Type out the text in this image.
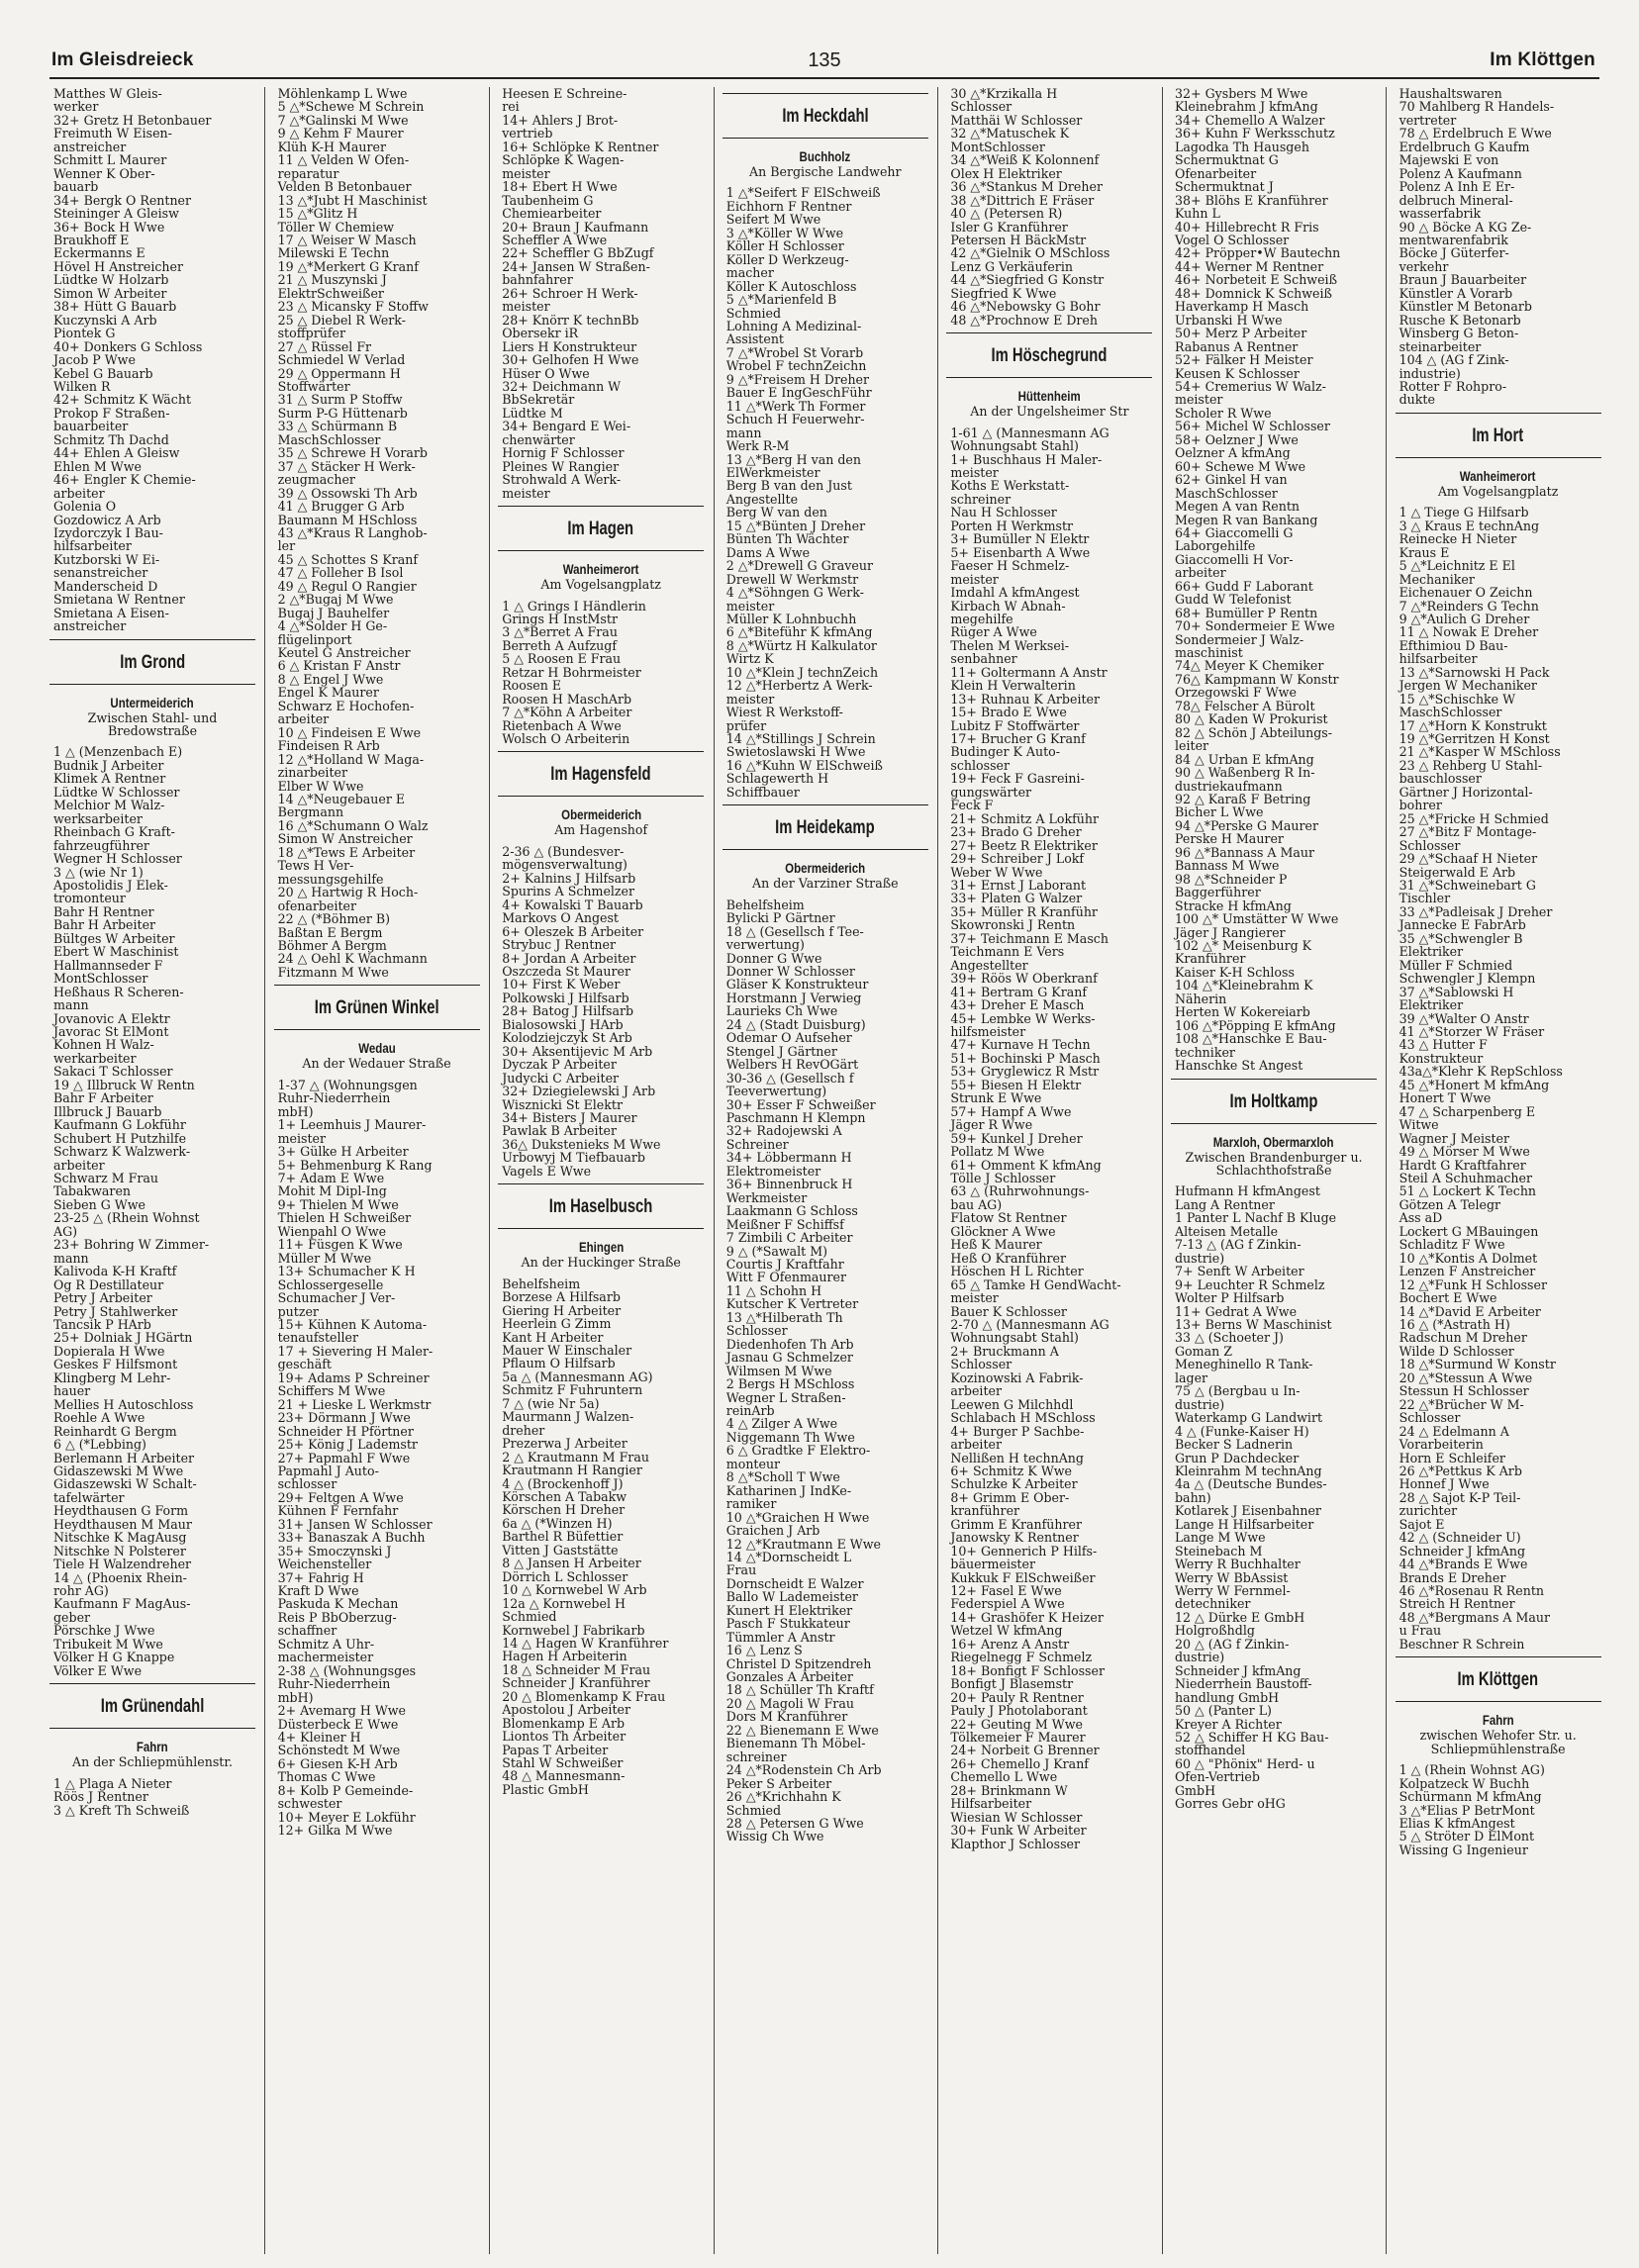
Im Gleisdreieck	135	Im Klöttgen
Matthes W Gleis-
werker
32+ Gretz H Betonbauer
Freimuth W Eisen-
anstreicher
Schmitt L Maurer
Wenner K Ober-
bauarb
34+ Bergk O Rentner
Steininger A Gleisw
36+ Bock H Wwe
Braukhoff E
Eckermanns E
Hövel H Anstreicher
Lüdtke W Holzarb
Simon W Arbeiter
38+ Hütt G Bauarb
Kuczynski A Arb
Piontek G
40+ Donkers G Schloss
Jacob P Wwe
Kebel G Bauarb
Wilken R
42+ Schmitz K Wächt
Prokop F Straßen-
bauarbeiter
Schmitz Th Dachd
44+ Ehlen A Gleisw
Ehlen M Wwe
46+ Engler K Chemie-
arbeiter
Golenia O
Gozdowicz A Arb
Izydorczyk I Bau-
hilfsarbeiter
Kutzborski W Ei-
senanstreicher
Manderscheid D
Smietana W Rentner
Smietana A Eisen-
anstreicher
Im Grond
Untermeiderich
Zwischen Stahl- und
Bredowstraße
1 △ (Menzenbach E)
Budnik J Arbeiter
Klimek A Rentner
Lüdtke W Schlosser
Melchior M Walz-
werksarbeiter
Rheinbach G Kraft-
fahrzeugführer
Wegner H Schlosser
3 △ (wie Nr 1)
Apostolidis J Elek-
tromonteur
Bahr H Rentner
Bahr H Arbeiter
Bültges W Arbeiter
Ebert W Maschinist
Hallmannseder F
MontSchlosser
Heßhaus R Scheren-
mann
Jovanovic A Elektr
Javorac St ElMont
Kohnen H Walz-
werkarbeiter
Sakaci T Schlosser
19 △ Illbruck W Rentn
Bahr F Arbeiter
Illbruck J Bauarb
Kaufmann G Lokführ
Schubert H Putzhilfe
Schwarz K Walzwerk-
arbeiter
Schwarz M Frau
Tabakwaren
Sieben G Wwe
23-25 △ (Rhein Wohnst
AG)
23+ Bohring W Zimmer-
mann
Kalivoda K-H Kraftf
Og R Destillateur
Petry J Arbeiter
Petry J Stahlwerker
Tancsik P HArb
25+ Dolniak J HGärtn
Dopierala H Wwe
Geskes F Hilfsmont
Klingberg M Lehr-
hauer
Mellies H Autoschloss
Roehle A Wwe
Reinhardt G Bergm
6 △ (*Lebbing)
Berlemann H Arbeiter
Gidaszewski M Wwe
Gidaszewski W Schalt-
tafelwärter
Heydthausen G Form
Heydthausen M Maur
Nitschke K MagAusg
Nitschke N Polsterer
Tiele H Walzendreher
14 △ (Phoenix Rhein-
rohr AG)
Kaufmann F MagAus-
geber
Pörschke J Wwe
Tribukeit M Wwe
Völker H G Knappe
Völker E Wwe
Im Grünendahl
Fahrn
An der Schliepmühlenstr.
1 △ Plaga A Nieter
Röös J Rentner
3 △ Kreft Th Schweiß
Möhlenkamp L Wwe
5 △*Schewe M Schrein
7 △*Galinski M Wwe
9 △ Kehm F Maurer
Klüh K-H Maurer
11 △ Velden W Ofen-
reparatur
Velden B Betonbauer
13 △*Jubt H Maschinist
15 △*Glitz H
Töller W Chemiew
17 △ Weiser W Masch
Milewski E Techn
19 △*Merkert G Kranf
21 △ Muszynski J
ElektrSchweißer
23 △ Micansky F Stoffw
25 △ Diebel R Werk-
stoffprüfer
27 △ Rüssel Fr
Schmiedel W Verlad
29 △ Oppermann H
Stoffwärter
31 △ Surm P Stoffw
Surm P-G Hüttenarb
33 △ Schürmann B
MaschSchlosser
35 △ Schrewe H Vorarb
37 △ Stäcker H Werk-
zeugmacher
39 △ Ossowski Th Arb
41 △ Brugger G Arb
Baumann M HSchloss
43 △*Kraus R Langhob-
ler
45 △ Schottes S Kranf
47 △ Folleher B Isol
49 △ Regul O Rangier
2 △*Bugaj M Wwe
Bugaj J Bauhelfer
4 △*Solder H Ge-
flügelinport
Keutel G Anstreicher
6 △ Kristan F Anstr
8 △ Engel J Wwe
Engel K Maurer
Schwarz E Hochofen-
arbeiter
10 △ Findeisen E Wwe
Findeisen R Arb
12 △*Holland W Maga-
zinarbeiter
Elber W Wwe
14 △*Neugebauer E
Bergmann
16 △*Schumann O Walz
Simon W Anstreicher
18 △*Tews E Arbeiter
Tews H Ver-
messungsgehilfe
20 △ Hartwig R Hoch-
ofenarbeiter
22 △ (*Böhmer B)
Baßtan E Bergm
Böhmer A Bergm
24 △ Oehl K Wachmann
Fitzmann M Wwe
Im Grünen Winkel
Wedau
An der Wedauer Straße
1-37 △ (Wohnungsgen
Ruhr-Niederrhein
mbH)
1+ Leemhuis J Maurer-
meister
3+ Gülke H Arbeiter
5+ Behmenburg K Rang
7+ Adam E Wwe
Mohit M Dipl-Ing
9+ Thielen M Wwe
Thielen H Schweißer
Wienpahl O Wwe
11+ Füsgen K Wwe
Müller M Wwe
13+ Schumacher K H
Schlossergeselle
Schumacher J Ver-
putzer
15+ Kühnen K Automa-
tenaufsteller
17 + Sievering H Maler-
geschäft
19+ Adams P Schreiner
Schiffers M Wwe
21 + Lieske L Werkmstr
23+ Dörmann J Wwe
Schneider H Pförtner
25+ König J Lademstr
27+ Papmahl F Wwe
Papmahl J Auto-
schlosser
29+ Feltgen A Wwe
Kühnen F Fernfahr
31+ Jansen W Schlosser
33+ Banaszak A Buchh
35+ Smoczynski J
Weichensteller
37+ Fahrig H
Kraft D Wwe
Paskuda K Mechan
Reis P BbOberzug-
schaffner
Schmitz A Uhr-
machermeister
2-38 △ (Wohnungsges
Ruhr-Niederrhein
mbH)
2+ Avemarg H Wwe
Düsterbeck E Wwe
4+ Kleiner H
Schönstedt M Wwe
6+ Giesen K-H Arb
Thomas C Wwe
8+ Kolb P Gemeinde-
schwester
10+ Meyer E Lokführ
12+ Gilka M Wwe
Heesen E Schreine-
rei
14+ Ahlers J Brot-
vertrieb
16+ Schlöpke K Rentner
Schlöpke K Wagen-
meister
18+ Ebert H Wwe
Taubenheim G
Chemiearbeiter
20+ Braun J Kaufmann
Scheffler A Wwe
22+ Scheffler G BbZugf
24+ Jansen W Straßen-
bahnfahrer
26+ Schroer H Werk-
meister
28+ Knörr K technBb
Obersekr iR
Liers H Konstrukteur
30+ Gelhofen H Wwe
Hüser O Wwe
32+ Deichmann W
BbSekretär
Lüdtke M
34+ Bengard E Wei-
chenwärter
Hornig F Schlosser
Pleines W Rangier
Strohwald A Werk-
meister
Im Hagen
Wanheimerort
Am Vogelsangplatz
1 △ Grings I Händlerin
Grings H InstMstr
3 △*Berret A Frau
Berreth A Aufzugf
5 △ Roosen E Frau
Retzar H Bohrmeister
Roosen E
Roosen H MaschArb
7 △*Köhn A Arbeiter
Rietenbach A Wwe
Wolsch O Arbeiterin
Im Hagensfeld
Obermeiderich
Am Hagenshof
2-36 △ (Bundesver-
mögensverwaltung)
2+ Kalnins J Hilfsarb
Spurins A Schmelzer
4+ Kowalski T Bauarb
Markovs O Angest
6+ Oleszek B Arbeiter
Strybuc J Rentner
8+ Jordan A Arbeiter
Oszczeda St Maurer
10+ First K Weber
Polkowski J Hilfsarb
28+ Batog J Hilfsarb
Bialosowski J HArb
Kolodziejczyk St Arb
30+ Aksentijevic M Arb
Dyczak P Arbeiter
Judycki C Arbeiter
32+ Dziegielewski J Arb
Wisznicki St Elektr
34+ Bisters J Maurer
Pawlak B Arbeiter
36△ Dukstenieks M Wwe
Urbowyj M Tiefbauarb
Vagels E Wwe
Im Haselbusch
Ehingen
An der Huckinger Straße
Behelfsheim
Borzese A Hilfsarb
Giering H Arbeiter
Heerlein G Zimm
Kant H Arbeiter
Mauer W Einschaler
Pflaum O Hilfsarb
5a △ (Mannesmann AG)
Schmitz F Fuhruntern
7 △ (wie Nr 5a)
Maurmann J Walzen-
dreher
Prezerwa J Arbeiter
2 △ Krautmann M Frau
Krautmann H Rangier
4 △ (Brockenhoff J)
Körschen A Tabakw
Körschen H Dreher
6a △ (*Winzen H)
Barthel R Büfettier
Vitten J Gaststätte
8 △ Jansen H Arbeiter
Dörrich L Schlosser
10 △ Kornwebel W Arb
12a △ Kornwebel H
Schmied
Kornwebel J Fabrikarb
14 △ Hagen W Kranführer
Hagen H Arbeiterin
18 △ Schneider M Frau
Schneider J Kranführer
20 △ Blomenkamp K Frau
Apostolou J Arbeiter
Blomenkamp E Arb
Liontos Th Arbeiter
Papas T Arbeiter
Stahl W Schweißer
48 △ Mannesmann-
Plastic GmbH
Im Heckdahl
Buchholz
An Bergische Landwehr
1 △*Seifert F ElSchweiß
Eichhorn F Rentner
Seifert M Wwe
3 △*Köller W Wwe
Köller H Schlosser
Köller D Werkzeug-
macher
Köller K Autoschloss
5 △*Marienfeld B
Schmied
Lohning A Medizinal-
Assistent
7 △*Wrobel St Vorarb
Wrobel F technZeichn
9 △*Freisem H Dreher
Bauer E IngGeschFühr
11 △*Werk Th Former
Schuch H Feuerwehr-
mann
Werk R-M
13 △*Berg H van den
ElWerkmeister
Berg B van den Just
Angestellte
Berg W van den
15 △*Bünten J Dreher
Bünten Th Wächter
Dams A Wwe
2 △*Drewell G Graveur
Drewell W Werkmstr
4 △*Söhngen G Werk-
meister
Müller K Lohnbuchh
6 △*Biteführ K kfmAng
8 △*Würtz H Kalkulator
Wirtz K
10 △*Klein J technZeich
12 △*Herbertz A Werk-
meister
Wiest R Werkstoff-
prüfer
14 △*Stillings J Schrein
Swietoslawski H Wwe
16 △*Kuhn W ElSchweiß
Schlagewerth H
Schiffbauer
Im Heidekamp
Obermeiderich
An der Varziner Straße
Behelfsheim
Bylicki P Gärtner
18 △ (Gesellsch f Tee-
verwertung)
Donner G Wwe
Donner W Schlosser
Gläser K Konstrukteur
Horstmann J Verwieg
Laurieks Ch Wwe
24 △ (Stadt Duisburg)
Odemar O Aufseher
Stengel J Gärtner
Welbers H RevOGärt
30-36 △ (Gesellsch f
Teeverwertung)
30+ Esser F Schweißer
Paschmann H Klempn
32+ Radojewski A
Schreiner
34+ Löbbermann H
Elektromeister
36+ Binnenbruck H
Werkmeister
Laakmann G Schloss
Meißner F Schiffsf
7 Zimbili C Arbeiter
9 △ (*Sawalt M)
Courtis J Kraftfahr
Witt F Ofenmaurer
11 △ Schohn H
Kutscher K Vertreter
13 △*Hilberath Th
Schlosser
Diedenhofen Th Arb
Jasnau G Schmelzer
Wilmsen M Wwe
2 Bergs H MSchloss
Wegner L Straßen-
reinArb
4 △ Zilger A Wwe
Niggemann Th Wwe
6 △ Gradtke F Elektro-
monteur
8 △*Scholl T Wwe
Katharinen J IndKe-
ramiker
10 △*Graichen H Wwe
Graichen J Arb
12 △*Krautmann E Wwe
14 △*Dornscheidt L
Frau
Dornscheidt E Walzer
Ballo W Lademeister
Kunert H Elektriker
Pasch F Stukkateur
Tümmler A Anstr
16 △ Lenz S
Christel D Spitzendreh
Gonzales A Arbeiter
18 △ Schüller Th Kraftf
20 △ Magoli W Frau
Dors M Kranführer
22 △ Bienemann E Wwe
Bienemann Th Möbel-
schreiner
24 △*Rodenstein Ch Arb
Peker S Arbeiter
26 △*Krichhahn K
Schmied
28 △ Petersen G Wwe
Wissig Ch Wwe
30 △*Krzikalla H
Schlosser
Matthäi W Schlosser
32 △*Matuschek K
MontSchlosser
34 △*Weiß K Kolonnenf
Olex H Elektriker
36 △*Stankus M Dreher
38 △*Dittrich E Fräser
40 △ (Petersen R)
Isler G Kranführer
Petersen H BäckMstr
42 △*Gielnik O MSchloss
Lenz G Verkäuferin
44 △*Siegfried G Konstr
Siegfried K Wwe
46 △*Nebowsky G Bohr
48 △*Prochnow E Dreh
Im Höschegrund
Hüttenheim
An der Ungelsheimer Str
1-61 △ (Mannesmann AG
Wohnungsabt Stahl)
1+ Buschhaus H Maler-
meister
Koths E Werkstatt-
schreiner
Nau H Schlosser
Porten H Werkmstr
3+ Bumüller N Elektr
5+ Eisenbarth A Wwe
Faeser H Schmelz-
meister
Imdahl A kfmAngest
Kirbach W Abnah-
megehilfe
Rüger A Wwe
Thelen M Werksei-
senbahner
11+ Goltermann A Anstr
Klein H Verwalterin
13+ Ruhnau K Arbeiter
15+ Brado E Wwe
Lubitz F Stoffwärter
17+ Brucher G Kranf
Budinger K Auto-
schlosser
19+ Feck F Gasreini-
gungswärter
Feck F
21+ Schmitz A Lokführ
23+ Brado G Dreher
27+ Beetz R Elektriker
29+ Schreiber J Lokf
Weber W Wwe
31+ Ernst J Laborant
33+ Platen G Walzer
35+ Müller R Kranführ
Skowronski J Rentn
37+ Teichmann E Masch
Teichmann E Vers
Angestellter
39+ Röös W Oberkranf
41+ Bertram G Kranf
43+ Dreher E Masch
45+ Lembke W Werks-
hilfsmeister
47+ Kurnave H Techn
51+ Bochinski P Masch
53+ Gryglewicz R Mstr
55+ Biesen H Elektr
Strunk E Wwe
57+ Hampf A Wwe
Jäger R Wwe
59+ Kunkel J Dreher
Pollatz M Wwe
61+ Omment K kfmAng
Tölle J Schlosser
63 △ (Ruhrwohnungs-
bau AG)
Flatow St Rentner
Glöckner A Wwe
Heß K Maurer
Heß O Kranführer
Höschen H L Richter
65 △ Tamke H GendWacht-
meister
Bauer K Schlosser
2-70 △ (Mannesmann AG
Wohnungsabt Stahl)
2+ Bruckmann A
Schlosser
Kozinowski A Fabrik-
arbeiter
Leewen G Milchhdl
Schlabach H MSchloss
4+ Burger P Sachbe-
arbeiter
Nellißen H technAng
6+ Schmitz K Wwe
Schulzke K Arbeiter
8+ Grimm E Ober-
kranführer
Grimm E Kranführer
Janowsky K Rentner
10+ Gennerich P Hilfs-
bäuermeister
Kukkuk F ElSchweißer
12+ Fasel E Wwe
Federspiel A Wwe
14+ Grashöfer K Heizer
Wetzel W kfmAng
16+ Arenz A Anstr
Riegelnegg F Schmelz
18+ Bonfigt F Schlosser
Bonfigt J Blasemstr
20+ Pauly R Rentner
Pauly J Photolaborant
22+ Geuting M Wwe
Tölkemeier F Maurer
24+ Norbeit G Brenner
26+ Chemello J Kranf
Chemello L Wwe
28+ Brinkmann W
Hilfsarbeiter
Wiesian W Schlosser
30+ Funk W Arbeiter
Klapthor J Schlosser
32+ Gysbers M Wwe
Kleinebrahm J kfmAng
34+ Chemello A Walzer
36+ Kuhn F Werksschutz
Lagodka Th Hausgeh
Schermuktnat G
Ofenarbeiter
Schermuktnat J
38+ Blöhs E Kranführer
Kuhn L
40+ Hillebrecht R Fris
Vogel O Schlosser
42+ Pröpper•W Bautechn
44+ Werner M Rentner
46+ Norbeteit E Schweiß
48+ Domnick K Schweiß
Haverkamp H Masch
Urbanski H Wwe
50+ Merz P Arbeiter
Rabanus A Rentner
52+ Fälker H Meister
Keusen K Schlosser
54+ Cremerius W Walz-
meister
Scholer R Wwe
56+ Michel W Schlosser
58+ Oelzner J Wwe
Oelzner A kfmAng
60+ Schewe M Wwe
62+ Ginkel H van
MaschSchlosser
Megen A van Rentn
Megen R van Bankang
64+ Giaccomelli G
Laborgehilfe
Giaccomelli H Vor-
arbeiter
66+ Gudd F Laborant
Gudd W Telefonist
68+ Bumüller P Rentn
70+ Sondermeier E Wwe
Sondermeier J Walz-
maschinist
74△ Meyer K Chemiker
76△ Kampmann W Konstr
Orzegowski F Wwe
78△ Felscher A Bürolt
80 △ Kaden W Prokurist
82 △ Schön J Abteilungs-
leiter
84 △ Urban E kfmAng
90 △ Waßenberg R In-
dustriekaufmann
92 △ Karaß F Betring
Bicher L Wwe
94 △*Perske G Maurer
Perske H Maurer
96 △*Bannass A Maur
Bannass M Wwe
98 △*Schneider P
Baggerführer
Stracke H kfmAng
100 △* Umstätter W Wwe
Jäger J Rangierer
102 △* Meisenburg K
Kranführer
Kaiser K-H Schloss
104 △*Kleinebrahm K
Näherin
Herten W Kokereiarb
106 △*Pöpping E kfmAng
108 △*Hanschke E Bau-
techniker
Hanschke St Angest
Im Holtkamp
Marxloh, Obermarxloh
Zwischen Brandenburger u.
Schlachthofstraße
Hufmann H kfmAngest
Lang A Rentner
1 Panter L Nachf B Kluge
Alteisen Metalle
7-13 △ (AG f Zinkin-
dustrie)
7+ Senft W Arbeiter
9+ Leuchter R Schmelz
Wolter P Hilfsarb
11+ Gedrat A Wwe
13+ Berns W Maschinist
33 △ (Schoeter J)
Goman Z
Meneghinello R Tank-
lager
75 △ (Bergbau u In-
dustrie)
Waterkamp G Landwirt
4 △ (Funke-Kaiser H)
Becker S Ladnerin
Grun P Dachdecker
Kleinrahm M technAng
4a △ (Deutsche Bundes-
bahn)
Kotlarek J Eisenbahner
Lange H Hilfsarbeiter
Lange M Wwe
Steinebach M
Werry R Buchhalter
Werry W BbAssist
Werry W Fernmel-
detechniker
12 △ Dürke E GmbH
Holgroßhdlg
20 △ (AG f Zinkin-
dustrie)
Schneider J kfmAng
Niederrhein Baustoff-
handlung GmbH
50 △ (Panter L)
Kreyer A Richter
52 △ Schiffer H KG Bau-
stoffhandel
60 △ "Phönix" Herd- u
Ofen-Vertrieb
GmbH
Gorres Gebr oHG
Haushaltswaren
70 Mahlberg R Handels-
vertreter
78 △ Erdelbruch E Wwe
Erdelbruch G Kaufm
Majewski E von
Polenz A Kaufmann
Polenz A Inh E Er-
delbruch Mineral-
wasserfabrik
90 △ Böcke A KG Ze-
mentwarenfabrik
Böcke J Güterfer-
verkehr
Braun J Bauarbeiter
Künstler A Vorarb
Künstler M Betonarb
Rusche K Betonarb
Winsberg G Beton-
steinarbeiter
104 △ (AG f Zink-
industrie)
Rotter F Rohpro-
dukte
Im Hort
Wanheimerort
Am Vogelsangplatz
1 △ Tiege G Hilfsarb
3 △ Kraus E technAng
Reinecke H Nieter
Kraus E
5 △*Leichnitz E El
Mechaniker
Eichenauer O Zeichn
7 △*Reinders G Techn
9 △*Aulich G Dreher
11 △ Nowak E Dreher
Efthimiou D Bau-
hilfsarbeiter
13 △*Sarnowski H Pack
Jergen W Mechaniker
15 △*Schischke W
MaschSchlosser
17 △*Horn K Konstrukt
19 △*Gerritzen H Konst
21 △*Kasper W MSchloss
23 △ Rehberg U Stahl-
bauschlosser
Gärtner J Horizontal-
bohrer
25 △*Fricke H Schmied
27 △*Bitz F Montage-
Schlosser
29 △*Schaaf H Nieter
Steigerwald E Arb
31 △*Schweinebart G
Tischler
33 △*Padleisak J Dreher
Jannecke E FabrArb
35 △*Schwengler B
Elektriker
Müller F Schmied
Schwengler J Klempn
37 △*Sablowski H
Elektriker
39 △*Walter O Anstr
41 △*Storzer W Fräser
43 △ Hutter F
Konstrukteur
43a△*Klehr K RepSchloss
45 △*Honert M kfmAng
Honert T Wwe
47 △ Scharpenberg E
Witwe
Wagner J Meister
49 △ Mörser M Wwe
Hardt G Kraftfahrer
Steil A Schuhmacher
51 △ Lockert K Techn
Götzen A Telegr
Ass aD
Lockert G MBauingen
Schladitz F Wwe
10 △*Kontis A Dolmet
Lenzen F Anstreicher
12 △*Funk H Schlosser
Bochert E Wwe
14 △*David E Arbeiter
16 △ (*Astrath H)
Radschun M Dreher
Wilde D Schlosser
18 △*Surmund W Konstr
20 △*Stessun A Wwe
Stessun H Schlosser
22 △*Brücher W M-
Schlosser
24 △ Edelmann A
Vorarbeiterin
Horn E Schleifer
26 △*Pettkus K Arb
Honnef J Wwe
28 △ Sajot K-P Teil-
zurichter
Sajot E
42 △ (Schneider U)
Schneider J kfmAng
44 △*Brands E Wwe
Brands E Dreher
46 △*Rosenau R Rentn
Streich H Rentner
48 △*Bergmans A Maur
u Frau
Beschner R Schrein
Im Klöttgen
Fahrn
zwischen Wehofer Str. u.
Schliepmühlenstraße
1 △ (Rhein Wohnst AG)
Kolpatzeck W Buchh
Schürmann M kfmAng
3 △*Elias P BetrMont
Elias K kfmAngest
5 △ Ströter D ElMont
Wissing G Ingenieur
